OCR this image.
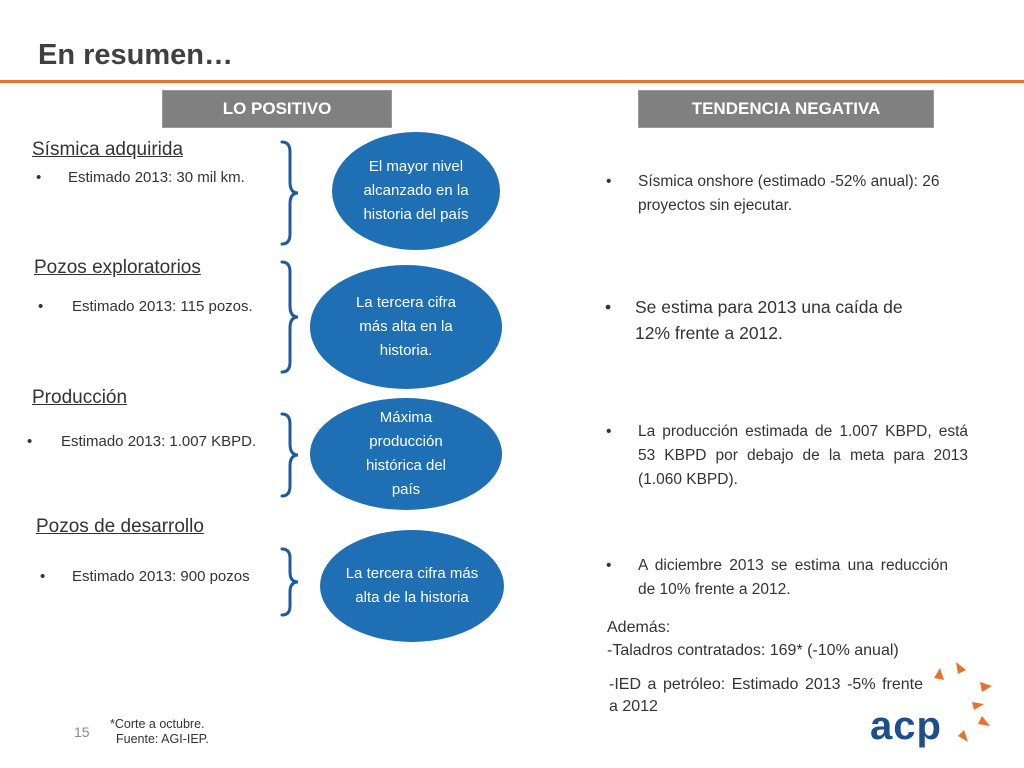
En resumen…
LO POSITIVO	TENDENCIA NEGATIVA
Sísmica adquirida
• Estimado 2013: 30 mil km.
Pozos exploratorios
• Estimado 2013: 115 pozos.
Producción
• Estimado 2013: 1.007 KBPD.
Pozos de desarrollo
• Estimado 2013: 900 pozos
El mayor nivel alcanzado en la historia del país
La tercera cifra más alta en la historia.
Máxima producción histórica del país
La tercera cifra más alta de la historia
• Sísmica onshore (estimado -52% anual): 26 proyectos sin ejecutar.
• Se estima para 2013 una caída de 12% frente a 2012.
• La producción estimada de 1.007 KBPD, está 53 KBPD por debajo de la meta para 2013 (1.060 KBPD).
• A diciembre 2013 se estima una reducción de 10% frente a 2012.
Además:
-Taladros contratados: 169* (-10% anual)
-IED a petróleo: Estimado 2013 -5% frente a 2012
15 *Corte a octubre.
Fuente: AGI-IEP.	acp
